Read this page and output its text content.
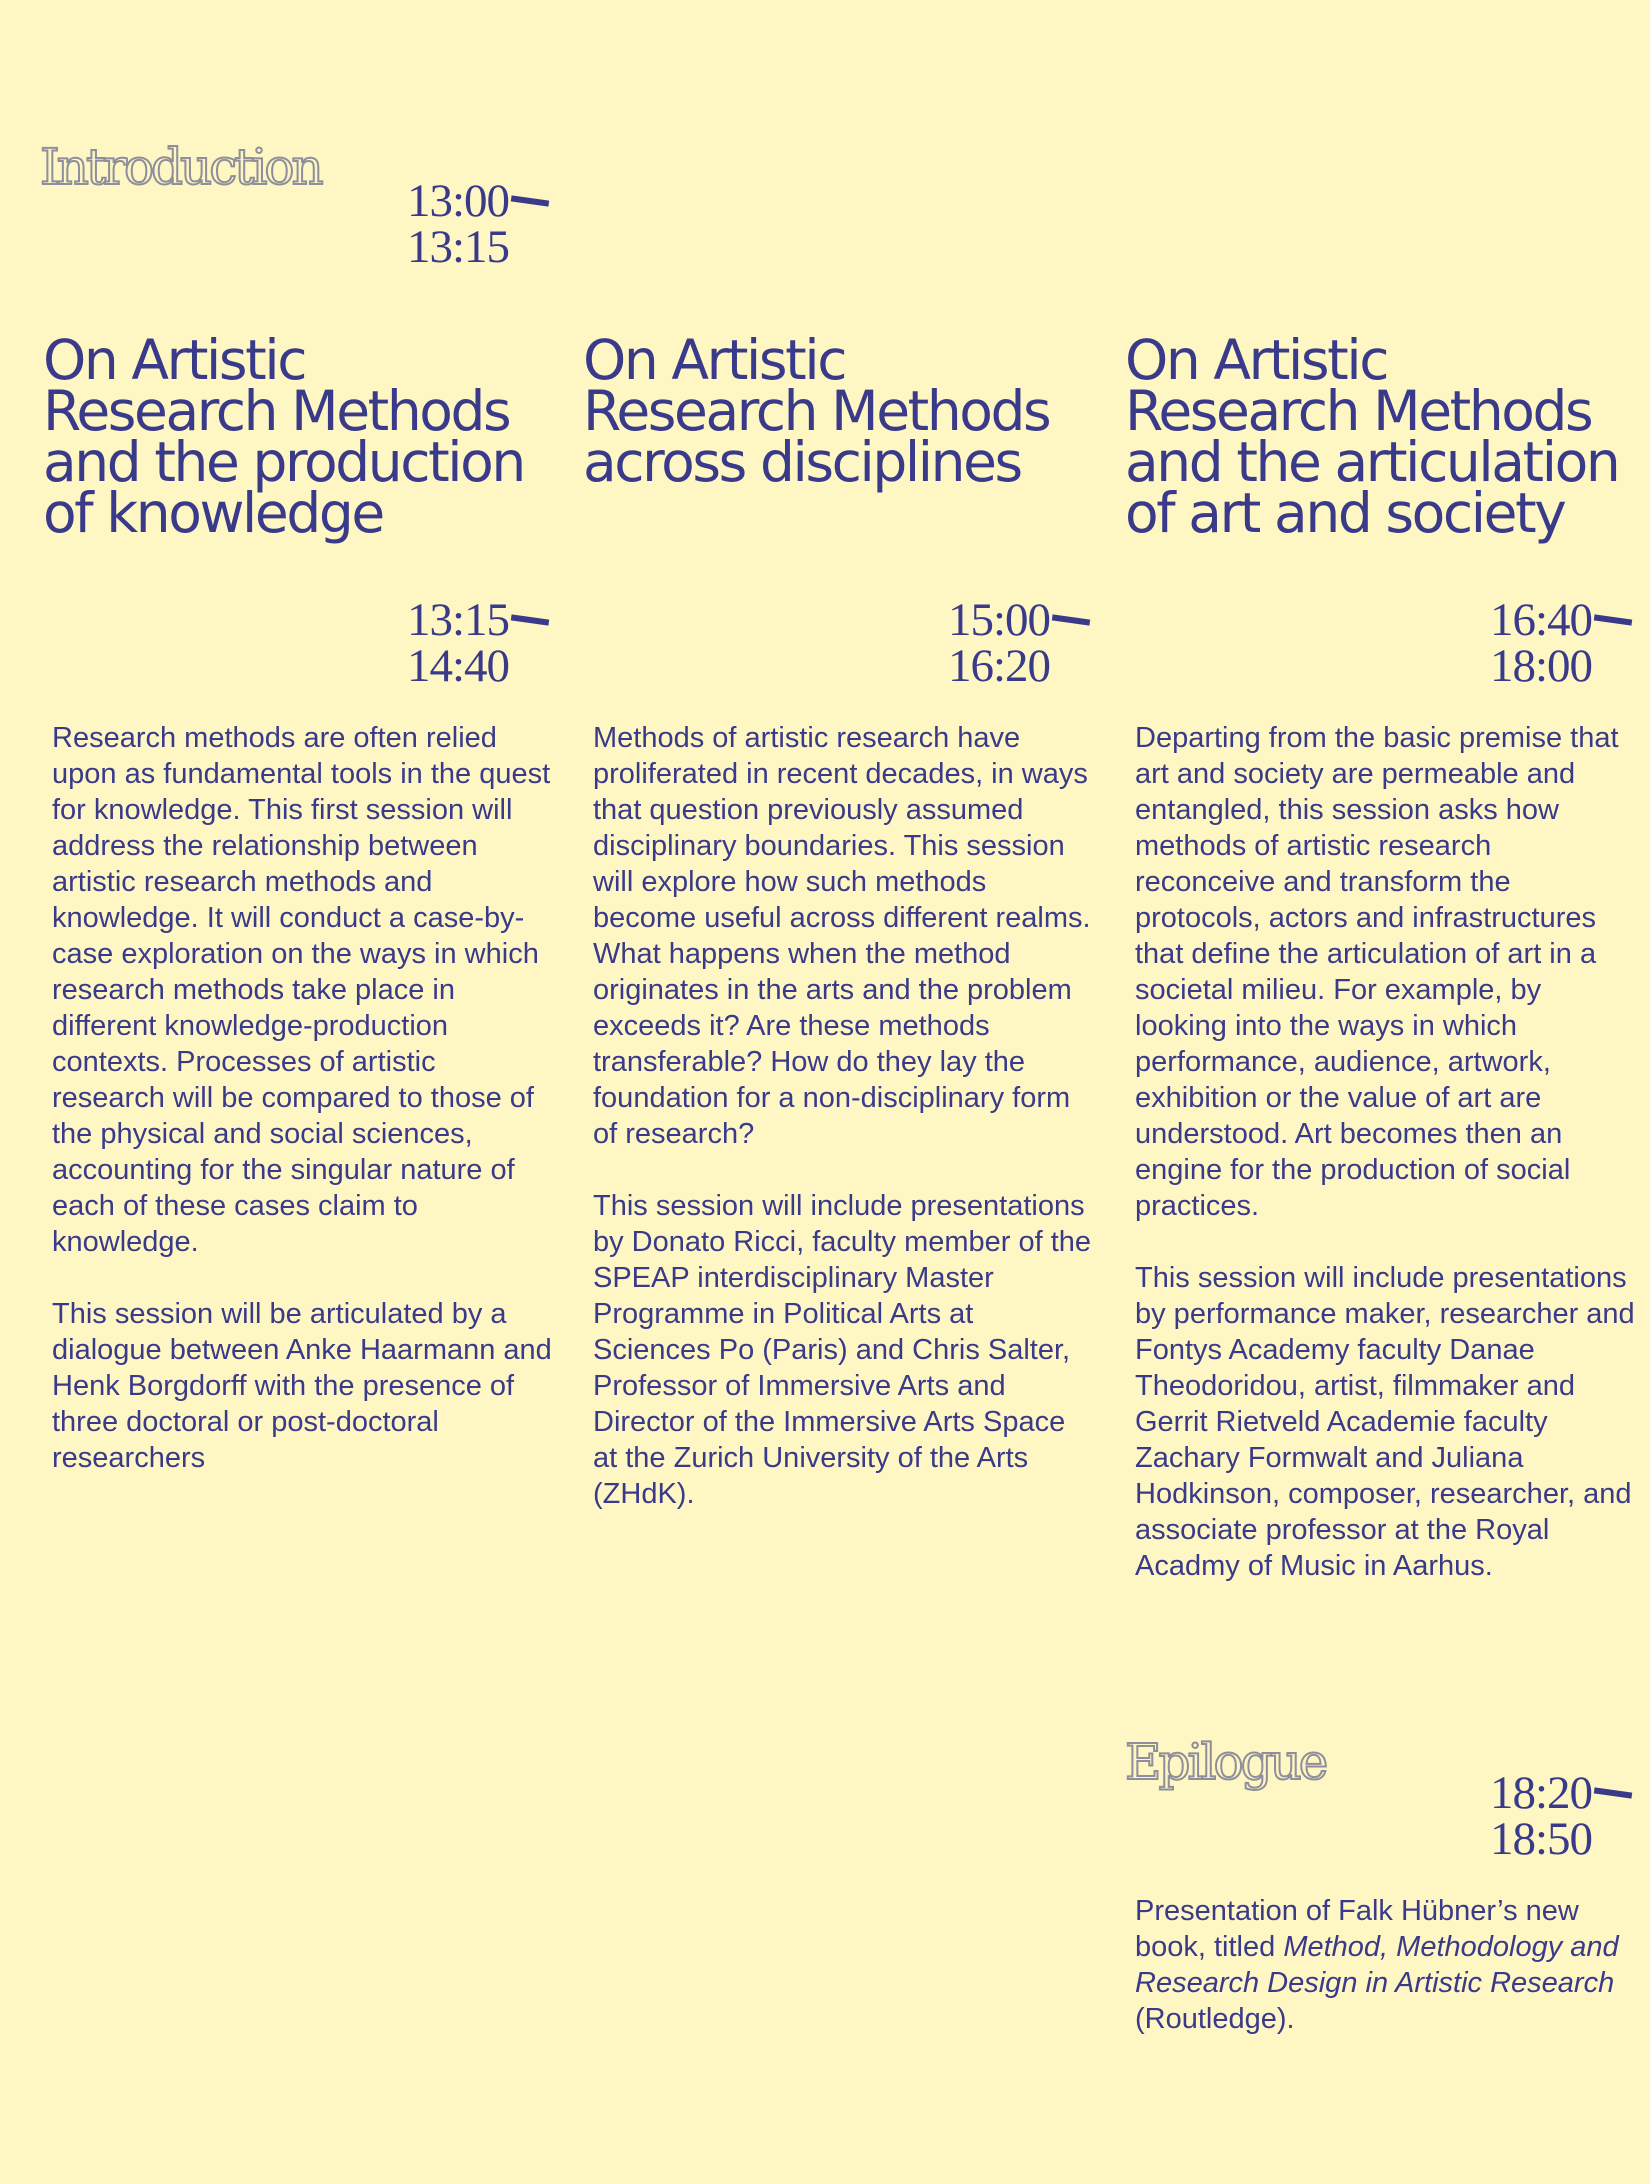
Introduction
13:00
13:15
On Artistic Research Methods and the production of knowledge
13:15
14:40

Research methods are often relied upon as fundamental tools in the quest for knowledge. This first session will address the relationship between artistic research methods and knowledge. It will conduct a case-by-case exploration on the ways in which research methods take place in different knowledge-production contexts. Processes of artistic research will be compared to those of the physical and social sciences, accounting for the singular nature of each of these cases claim to knowledge.

This session will be articulated by a dialogue between Anke Haarmann and Henk Borgdorff with the presence of three doctoral or post-doctoral researchers

On Artistic Research Methods across disciplines
15:00
16:20

Methods of artistic research have proliferated in recent decades, in ways that question previously assumed disciplinary boundaries. This session will explore how such methods become useful across different realms. What happens when the method originates in the arts and the problem exceeds it? Are these methods transferable? How do they lay the foundation for a non-disciplinary form of research?

This session will include presentations by Donato Ricci, faculty member of the SPEAP interdisciplinary Master Programme in Political Arts at Sciences Po (Paris) and Chris Salter, Professor of Immersive Arts and Director of the Immersive Arts Space at the Zurich University of the Arts (ZHdK).

On Artistic Research Methods and the articulation of art and society
16:40
18:00

Departing from the basic premise that art and society are permeable and entangled, this session asks how methods of artistic research reconceive and transform the protocols, actors and infrastructures that define the articulation of art in a societal milieu. For example, by looking into the ways in which performance, audience, artwork, exhibition or the value of art are understood. Art becomes then an engine for the production of social practices.

This session will include presentations by performance maker, researcher and Fontys Academy faculty Danae Theodoridou, artist, filmmaker and Gerrit Rietveld Academie faculty Zachary Formwalt and Juliana Hodkinson, composer, researcher, and associate professor at the Royal Acadmy of Music in Aarhus.

Epilogue
18:20
18:50

Presentation of Falk Hübner’s new book, titled Method, Methodology and Research Design in Artistic Research (Routledge).
